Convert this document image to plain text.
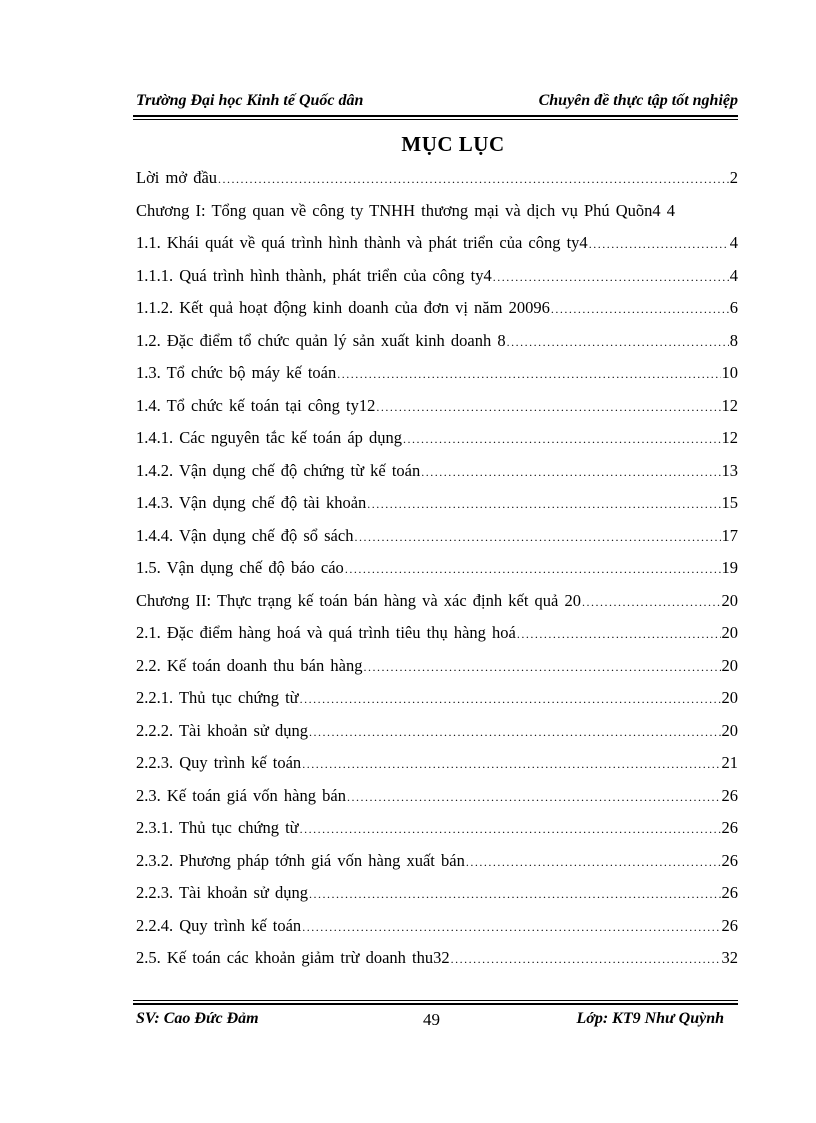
Trường Đại học Kinh tế Quốc dân	Chuyên đề thực tập tốt nghiệp
MỤC LỤC
Lời mở đầu .....	2
Chương I: Tổng quan về công ty TNHH thương mại và dịch vụ Phú Quõn4 4
1.1. Khái quát về quá trình hình thành và phát triển của công ty4 .....	4
1.1.1. Quá trình hình thành, phát triển của công ty4 .....	4
1.1.2. Kết quả hoạt động kinh doanh của đơn vị năm 20096 .....	6
1.2. Đặc điểm tổ chức quản lý sản xuất kinh doanh 8 .....	8
1.3. Tổ chức bộ máy kế toán .....	10
1.4. Tổ chức kế toán tại công ty12 .....	12
1.4.1. Các nguyên tắc kế toán áp dụng .....	12
1.4.2. Vận dụng chế độ chứng từ kế toán .....	13
1.4.3. Vận dụng chế độ tài khoản .....	15
1.4.4. Vận dụng chế độ sổ sách .....	17
1.5. Vận dụng chế độ báo cáo .....	19
Chương II: Thực trạng kế toán bán hàng và xác định kết quả 20 .....	20
2.1. Đặc điểm hàng hoá và quá trình tiêu thụ hàng hoá .....	20
2.2. Kế toán doanh thu bán hàng .....	20
2.2.1. Thủ tục chứng từ .....	20
2.2.2. Tài khoản sử dụng .....	20
2.2.3. Quy trình kế toán .....	21
2.3. Kế toán giá vốn hàng bán .....	26
2.3.1. Thủ tục chứng từ .....	26
2.3.2. Phương pháp tớnh giá vốn hàng xuất bán .....	26
2.2.3. Tài khoản sử dụng .....	26
2.2.4. Quy trình kế toán .....	26
2.5. Kế toán các khoản giảm trừ doanh thu32 .....	32
SV: Cao Đức Đảm	49	Lớp: KT9 Như Quỳnh
